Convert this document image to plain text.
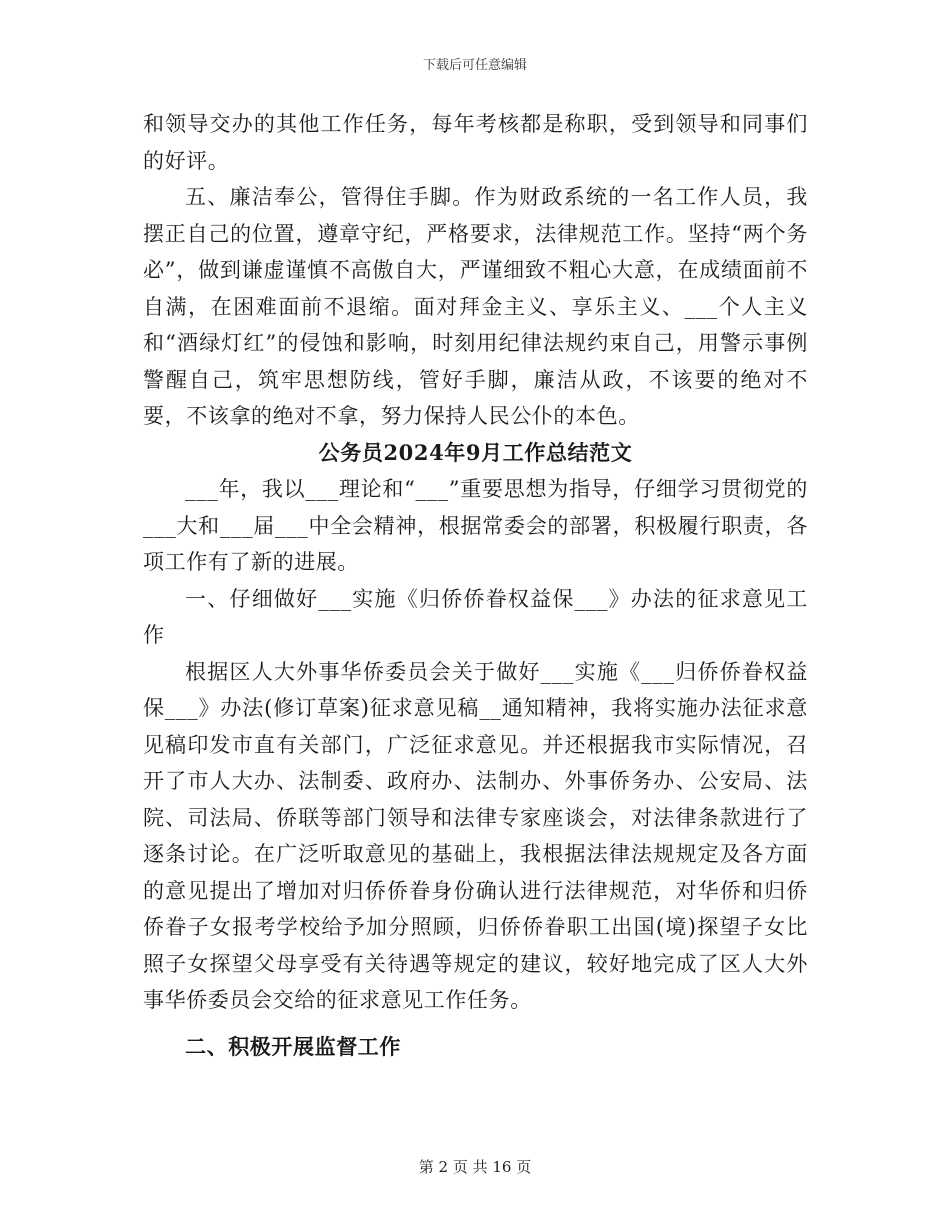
下载后可任意编辑

和领导交办的其他工作任务，每年考核都是称职，受到领导和同事们的好评。

五、廉洁奉公，管得住手脚。作为财政系统的一名工作人员，我摆正自己的位置，遵章守纪，严格要求，法律规范工作。坚持“两个务必”，做到谦虚谨慎不高傲自大，严谨细致不粗心大意，在成绩面前不自满，在困难面前不退缩。面对拜金主义、享乐主义、___个人主义和“酒绿灯红”的侵蚀和影响，时刻用纪律法规约束自己，用警示事例警醒自己，筑牢思想防线，管好手脚，廉洁从政，不该要的绝对不要，不该拿的绝对不拿，努力保持人民公仆的本色。

公务员2024年9月工作总结范文

___年，我以___理论和“___”重要思想为指导，仔细学习贯彻党的___大和___届___中全会精神，根据常委会的部署，积极履行职责，各项工作有了新的进展。

一、仔细做好___实施《归侨侨眷权益保___》办法的征求意见工作

根据区人大外事华侨委员会关于做好___实施《___归侨侨眷权益保___》办法(修订草案)征求意见稿__通知精神，我将实施办法征求意见稿印发市直有关部门，广泛征求意见。并还根据我市实际情况，召开了市人大办、法制委、政府办、法制办、外事侨务办、公安局、法院、司法局、侨联等部门领导和法律专家座谈会，对法律条款进行了逐条讨论。在广泛听取意见的基础上，我根据法律法规规定及各方面的意见提出了增加对归侨侨眷身份确认进行法律规范，对华侨和归侨侨眷子女报考学校给予加分照顾，归侨侨眷职工出国(境)探望子女比照子女探望父母享受有关待遇等规定的建议，较好地完成了区人大外事华侨委员会交给的征求意见工作任务。

二、积极开展监督工作

第 2 页 共 16 页
